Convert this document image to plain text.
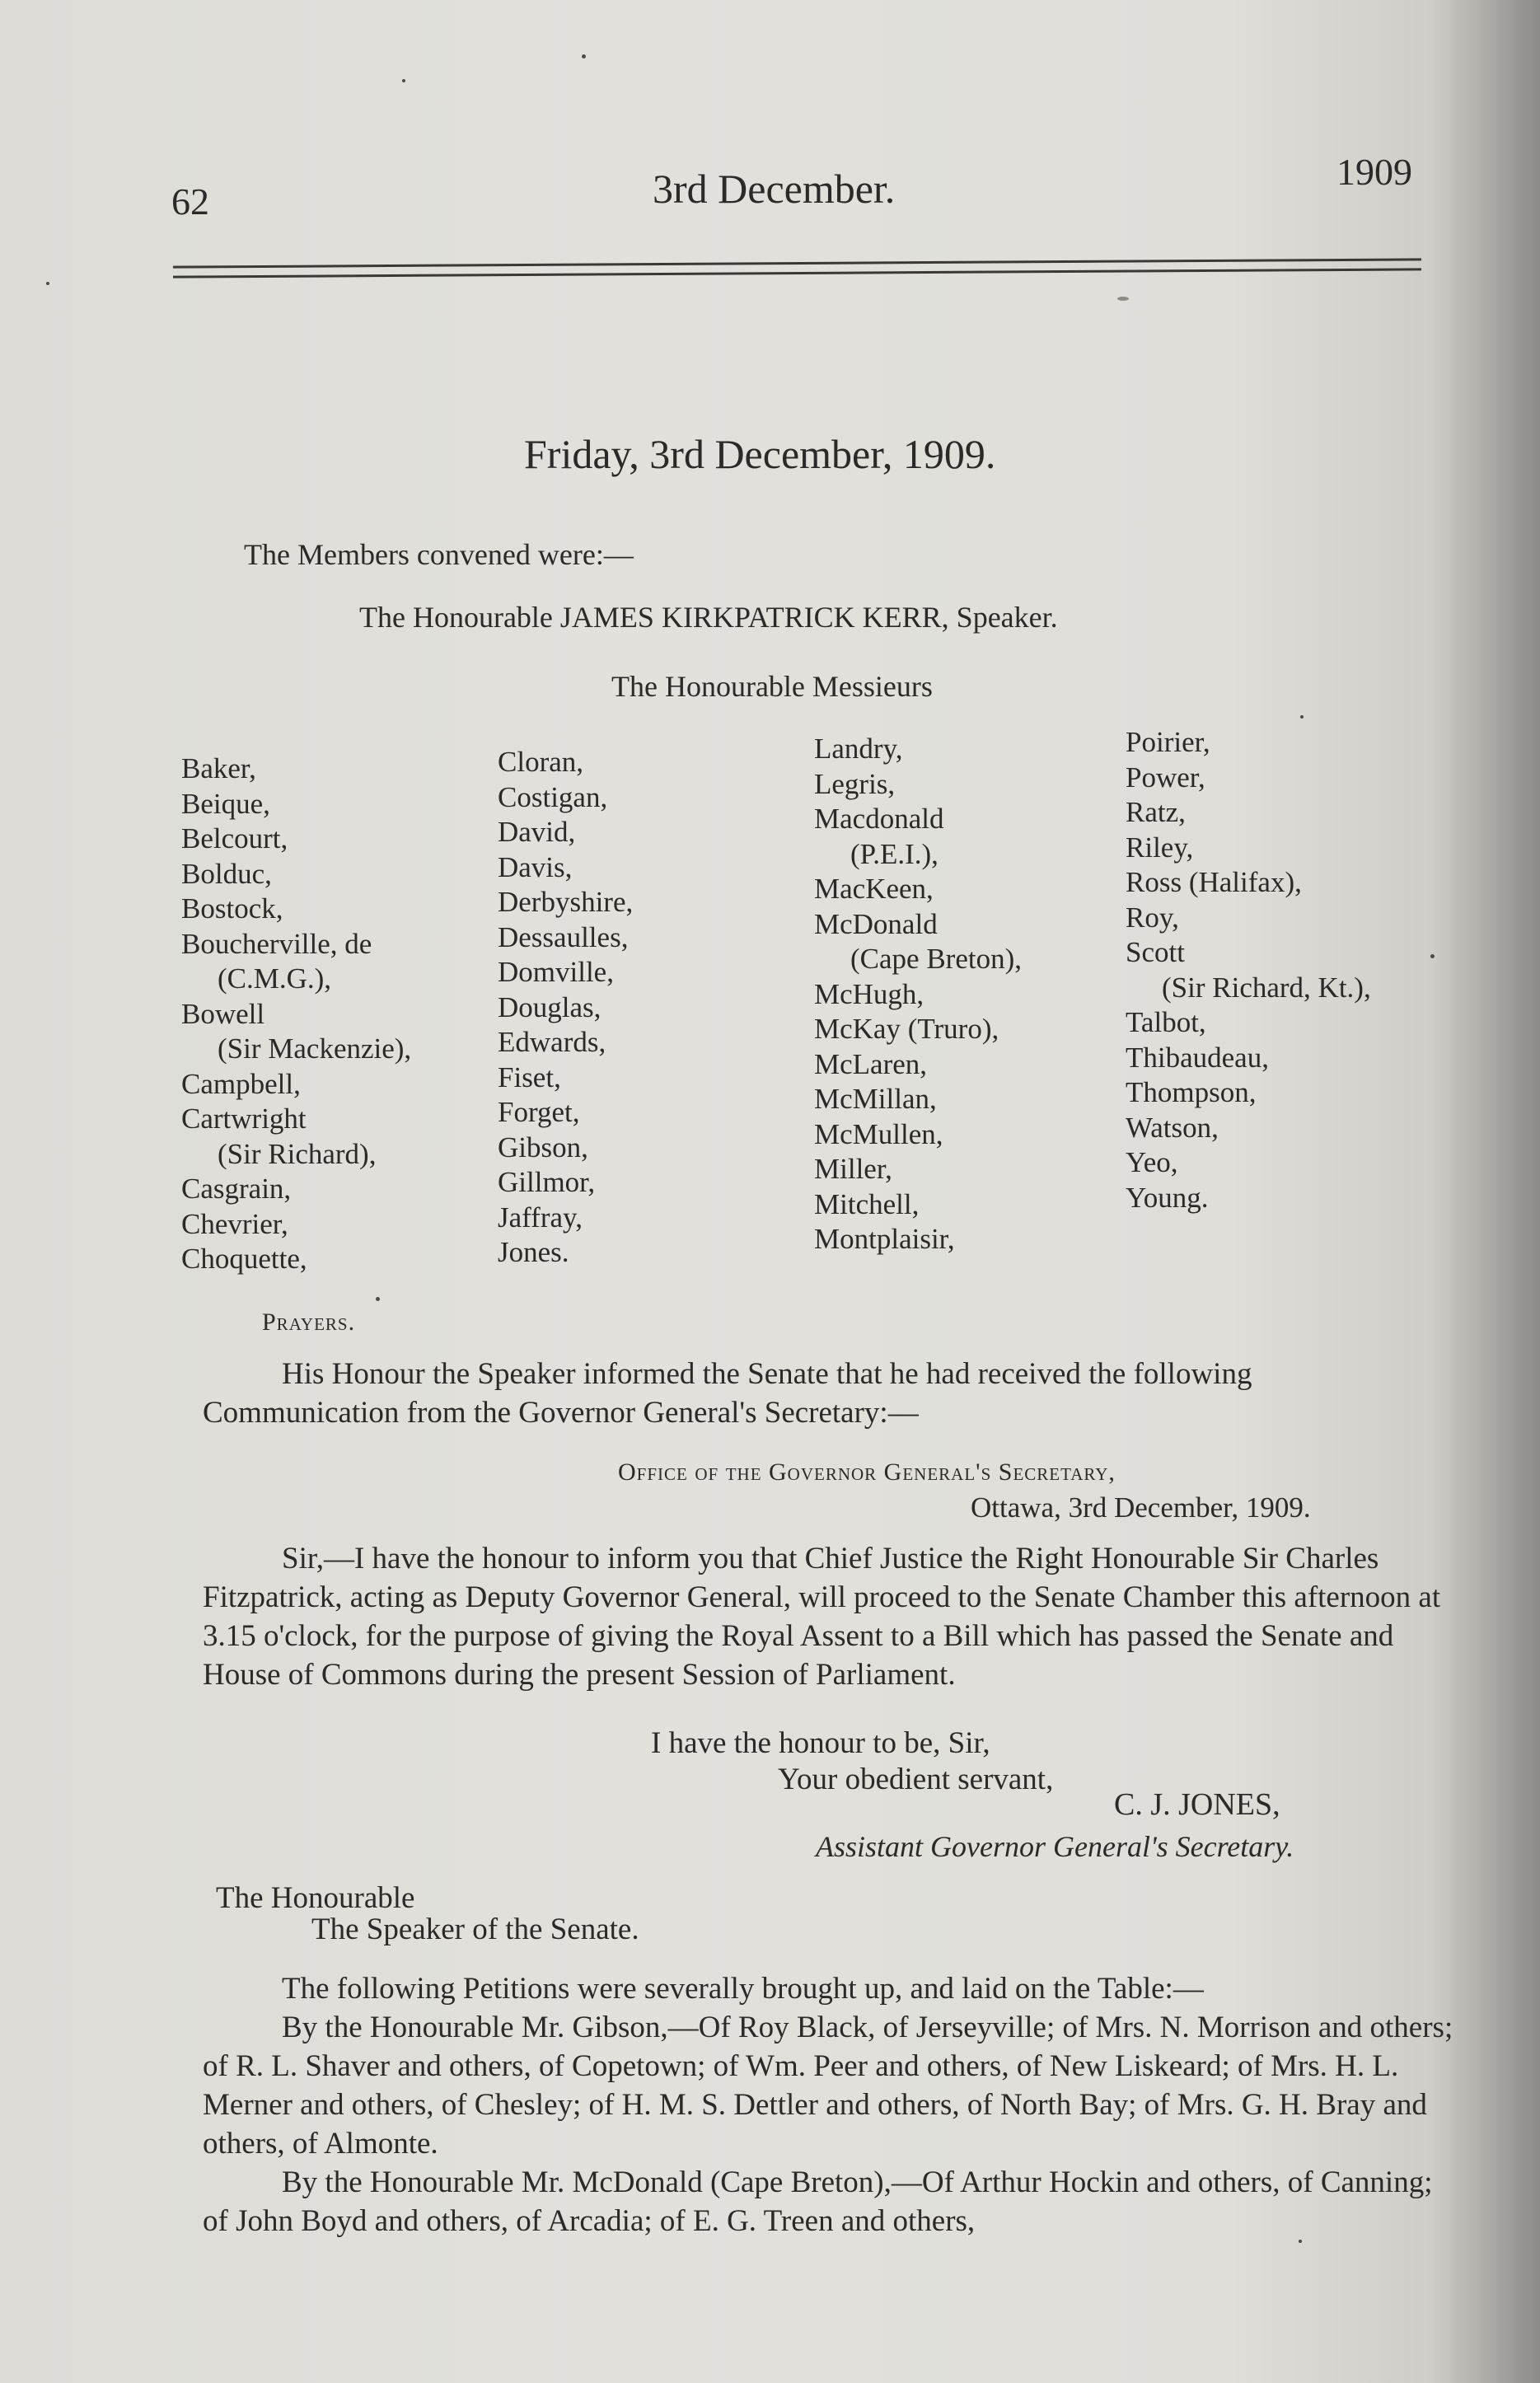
62	3rd December.	1909
Friday, 3rd December, 1909.
The Members convened were:—
The Honourable JAMES KIRKPATRICK KERR, Speaker.
The Honourable Messieurs
Baker,
Beique,
Belcourt,
Bolduc,
Bostock,
Boucherville, de
(C.M.G.),
Bowell
(Sir Mackenzie),
Campbell,
Cartwright
(Sir Richard),
Casgrain,
Chevrier,
Choquette,
Cloran,
Costigan,
David,
Davis,
Derbyshire,
Dessaulles,
Domville,
Douglas,
Edwards,
Fiset,
Forget,
Gibson,
Gillmor,
Jaffray,
Jones.
Landry,
Legris,
Macdonald
(P.E.I.),
MacKeen,
McDonald
(Cape Breton),
McHugh,
McKay (Truro),
McLaren,
McMillan,
McMullen,
Miller,
Mitchell,
Montplaisir,
Poirier,
Power,
Ratz,
Riley,
Ross (Halifax),
Roy,
Scott
(Sir Richard, Kt.),
Talbot,
Thibaudeau,
Thompson,
Watson,
Yeo,
Young.
Prayers.
His Honour the Speaker informed the Senate that he had received the following Communication from the Governor General's Secretary:—
Office of the Governor General's Secretary,
Ottawa, 3rd December, 1909.
Sir,—I have the honour to inform you that Chief Justice the Right Honourable Sir Charles Fitzpatrick, acting as Deputy Governor General, will proceed to the Senate Chamber this afternoon at 3.15 o'clock, for the purpose of giving the Royal Assent to a Bill which has passed the Senate and House of Commons during the present Session of Parliament.
I have the honour to be, Sir,
Your obedient servant,
C. J. JONES,
Assistant Governor General's Secretary.
The Honourable
The Speaker of the Senate.
The following Petitions were severally brought up, and laid on the Table:—
By the Honourable Mr. Gibson,—Of Roy Black, of Jerseyville; of Mrs. N. Morrison and others; of R. L. Shaver and others, of Copetown; of Wm. Peer and others, of New Liskeard; of Mrs. H. L. Merner and others, of Chesley; of H. M. S. Dettler and others, of North Bay; of Mrs. G. H. Bray and others, of Almonte.
By the Honourable Mr. McDonald (Cape Breton),—Of Arthur Hockin and others, of Canning; of John Boyd and others, of Arcadia; of E. G. Treen and others,
